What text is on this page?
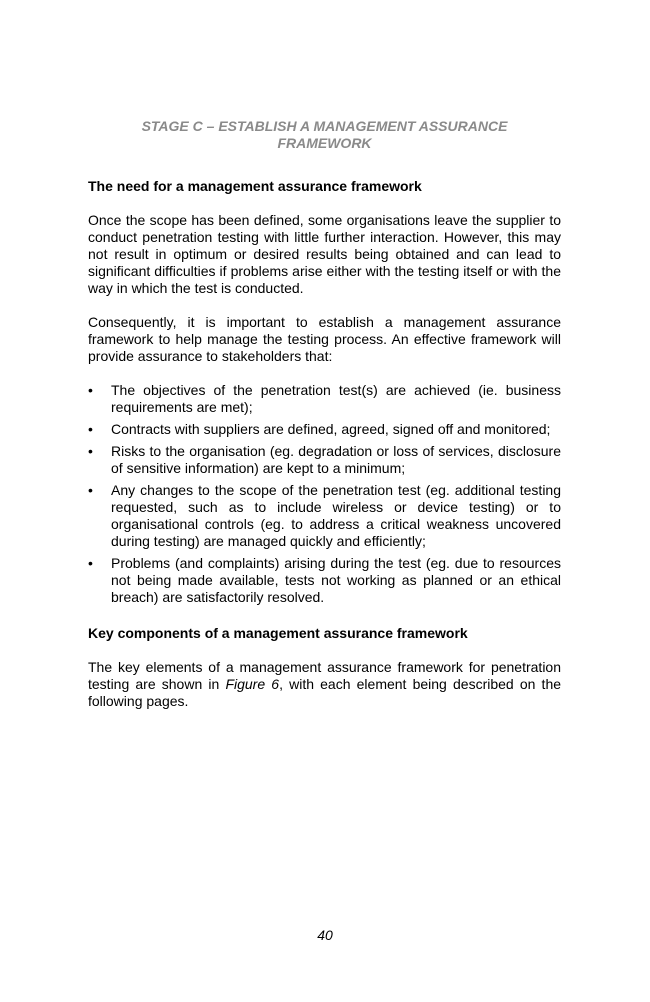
STAGE C – ESTABLISH A MANAGEMENT ASSURANCE
FRAMEWORK
The need for a management assurance framework

Once the scope has been defined, some organisations leave the supplier to conduct penetration testing with little further interaction. However, this may not result in optimum or desired results being obtained and can lead to significant difficulties if problems arise either with the testing itself or with the way in which the test is conducted.

Consequently, it is important to establish a management assurance framework to help manage the testing process. An effective framework will provide assurance to stakeholders that:

•	The objectives of the penetration test(s) are achieved (ie. business requirements are met);
•	Contracts with suppliers are defined, agreed, signed off and monitored;
•	Risks to the organisation (eg. degradation or loss of services, disclosure of sensitive information) are kept to a minimum;
•	Any changes to the scope of the penetration test (eg. additional testing requested, such as to include wireless or device testing) or to organisational controls (eg. to address a critical weakness uncovered during testing) are managed quickly and efficiently;
•	Problems (and complaints) arising during the test (eg. due to resources not being made available, tests not working as planned or an ethical breach) are satisfactorily resolved.
Key components of a management assurance framework

The key elements of a management assurance framework for penetration testing are shown in Figure 6, with each element being described on the following pages.

40
